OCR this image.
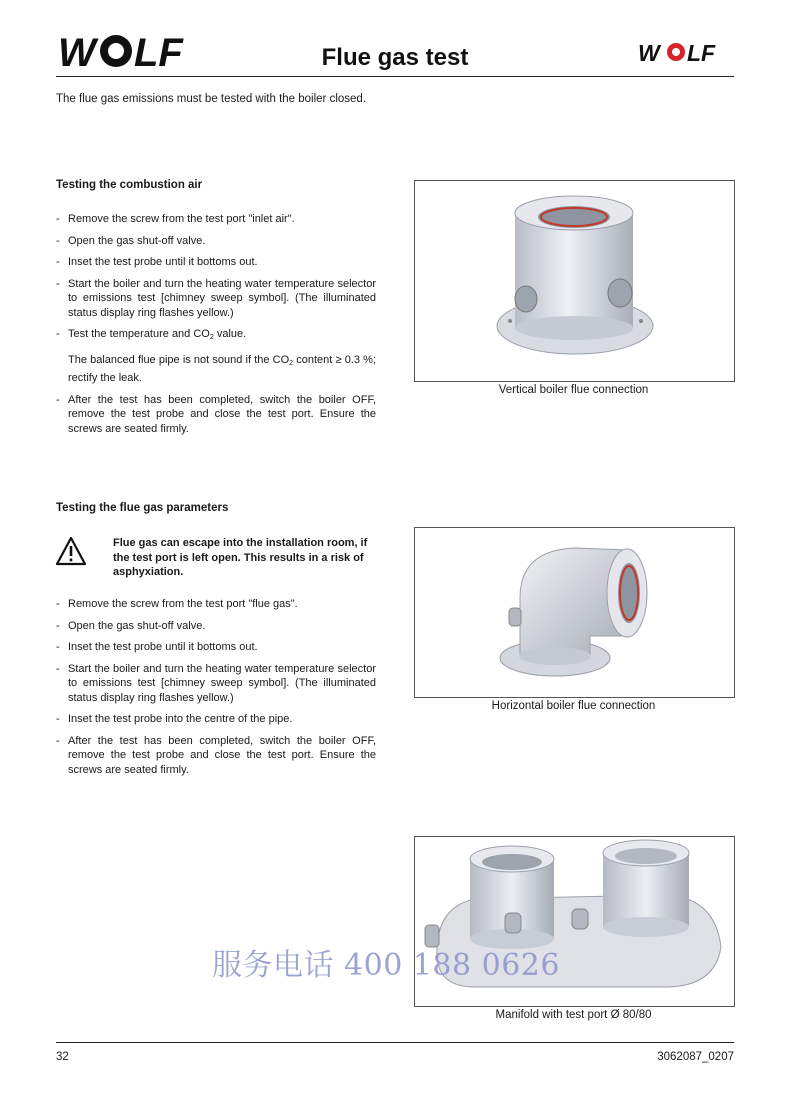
W LF	Flue gas test	W LF
The flue gas emissions must be tested with the boiler closed.
Testing the combustion air
- Remove the screw from the test port "inlet air".
- Open the gas shut-off valve.
- Inset the test probe until it bottoms out.
- Start the boiler and turn the heating water temperature selector to emissions test [chimney sweep symbol]. (The illuminated status display ring flashes yellow.)
- Test the temperature and $CO_2$ value.
The balanced flue pipe is not sound if the $CO_2$ content ≥ 0.3 %; rectify the leak.
- After the test has been completed, switch the boiler OFF, remove the test probe and close the test port. Ensure the screws are seated firmly.
Testing the flue gas parameters
Flue gas can escape into the installation room, if the test port is left open. This results in a risk of asphyxiation.
- Remove the screw from the test port "flue gas".
- Open the gas shut-off valve.
- Inset the test probe until it bottoms out.
- Start the boiler and turn the heating water temperature selector to emissions test [chimney sweep symbol]. (The illuminated status display ring flashes yellow.)
- Inset the test probe into the centre of the pipe.
- After the test has been completed, switch the boiler OFF, remove the test probe and close the test port. Ensure the screws are seated firmly.
Vertical boiler flue connection
Horizontal boiler flue connection
Manifold with test port Ø 80/80
服务电话 400 188 0626
32	3062087_0207
